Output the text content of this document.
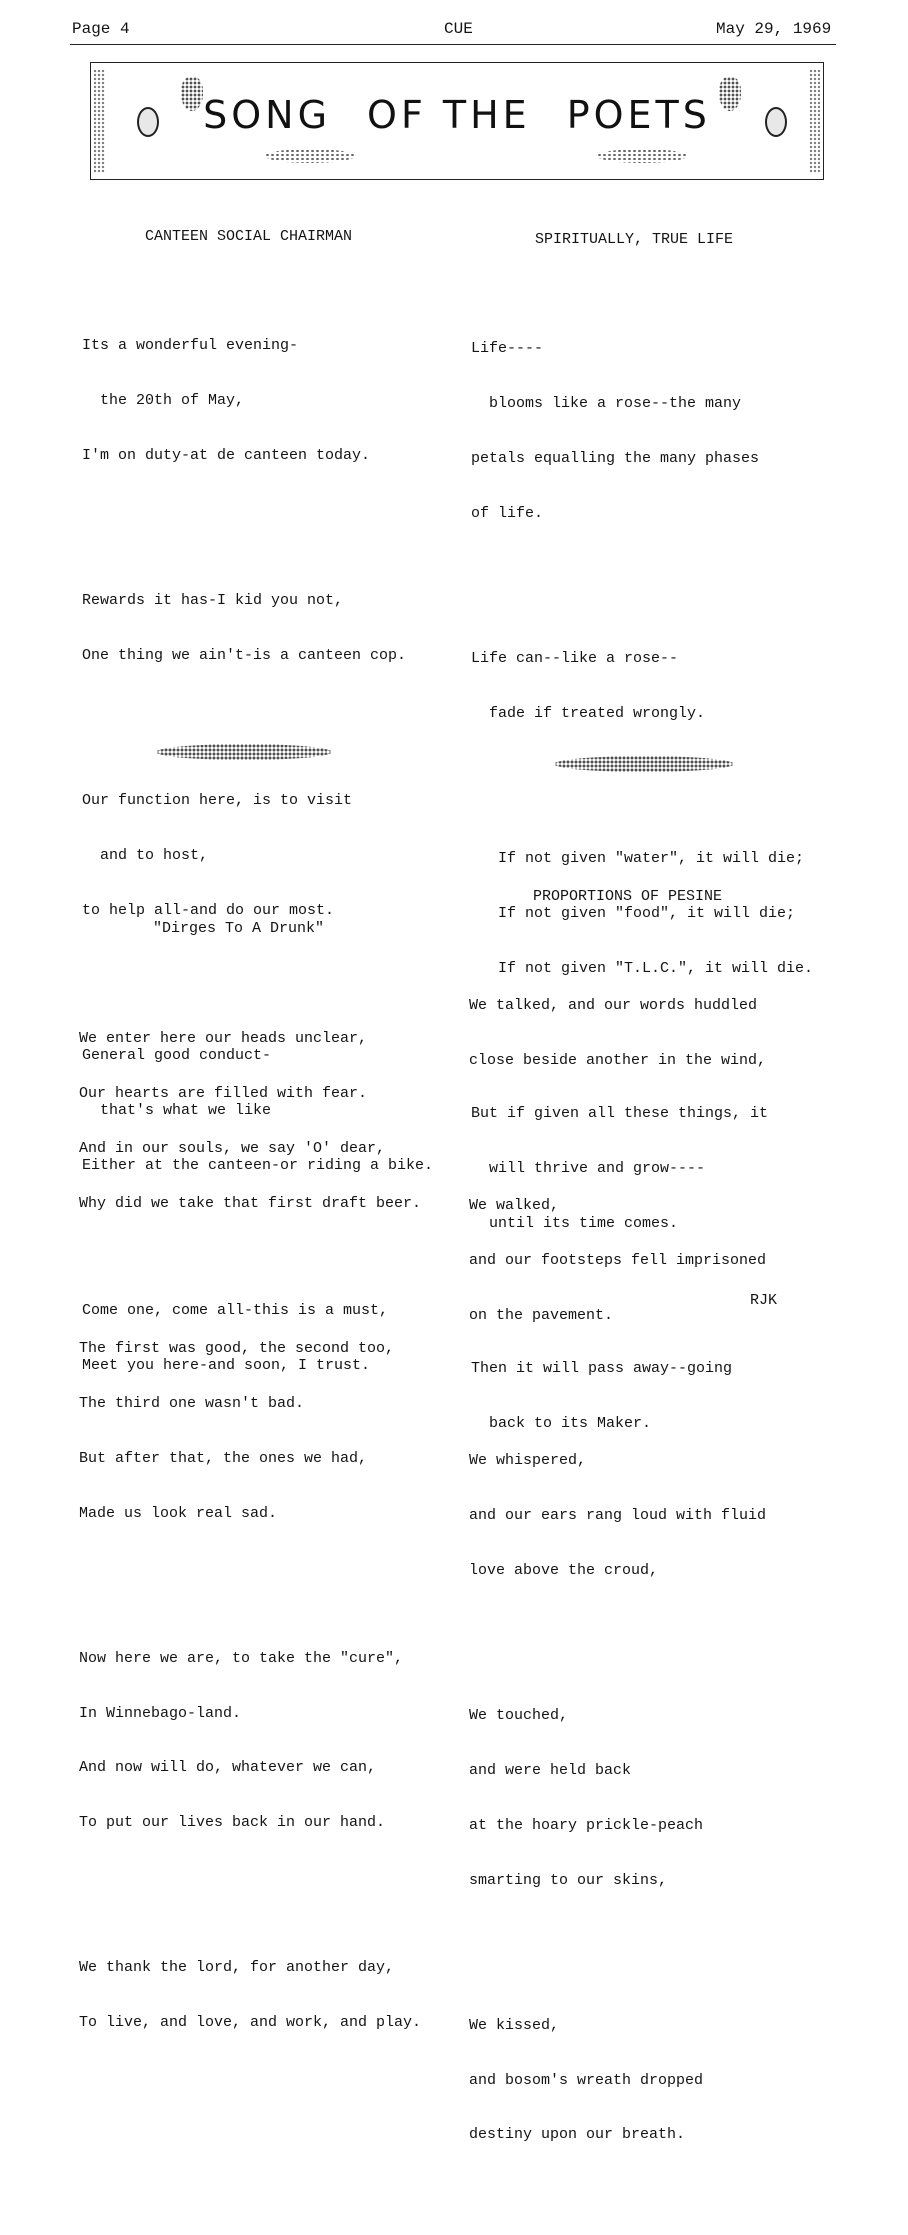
Page 4	CUE	May 29, 1969
SONG OF THE POETS

CANTEEN SOCIAL CHAIRMAN

Its a wonderful evening-

the 20th of May,

I'm on duty-at de canteen today.

Rewards it has-I kid you not,

One thing we ain't-is a canteen cop.

Our function here, is to visit

and to host,

to help all-and do our most.

General good conduct-

that's what we like

Either at the canteen-or riding a bike.

Come one, come all-this is a must,

Meet you here-and soon, I trust.

SPIRITUALLY, TRUE LIFE

Life----

blooms like a rose--the many

petals equalling the many phases

of life.

Life can--like a rose--

fade if treated wrongly.

If not given "water", it will die;

If not given "food", it will die;

If not given "T.L.C.", it will die.

But if given all these things, it

will thrive and grow----

until its time comes.

Then it will pass away--going

back to its Maker.

"Dirges To A Drunk"

We enter here our heads unclear,

Our hearts are filled with fear.

And in our souls, we say 'O' dear,

Why did we take that first draft beer.

The first was good, the second too,

The third one wasn't bad.

But after that, the ones we had,

Made us look real sad.

Now here we are, to take the "cure",

In Winnebago-land.

And now will do, whatever we can,

To put our lives back in our hand.

We thank the lord, for another day,

To live, and love, and work, and play.

PROPORTIONS OF PESINE

We talked, and our words huddled

close beside another in the wind,

We walked,

and our footsteps fell imprisoned

on the pavement.

We whispered,

and our ears rang loud with fluid

love above the croud,

We touched,

and were held back

at the hoary prickle-peach

smarting to our skins,

We kissed,

and bosom's wreath dropped

destiny upon our breath.

RJK
